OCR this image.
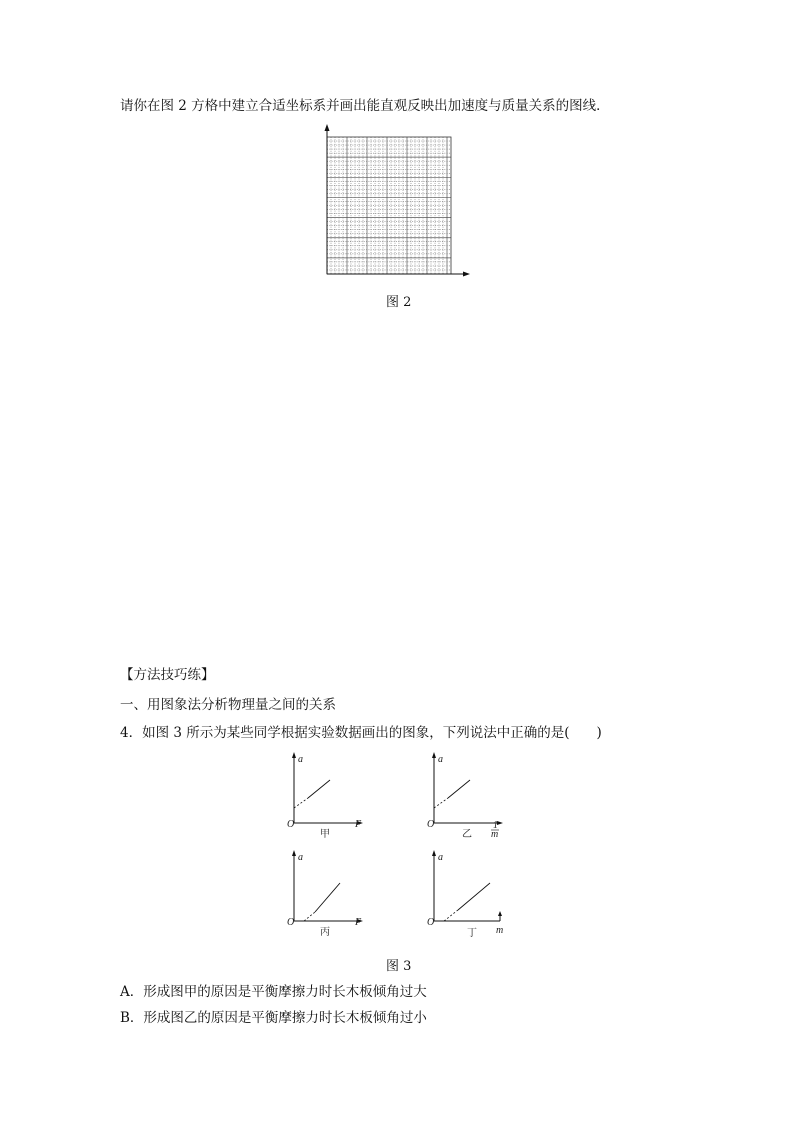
请你在图 2 方格中建立合适坐标系并画出能直观反映出加速度与质量关系的图线．
图 2
【方法技巧练】
一、用图象法分析物理量之间的关系
4．如图 3 所示为某些同学根据实验数据画出的图象，下列说法中正确的是(　　)
a
O	F
甲
a
O	1
m
乙
a
O	F
丙
a
O
m
丁
图 3
A．形成图甲的原因是平衡摩擦力时长木板倾角过大
B．形成图乙的原因是平衡摩擦力时长木板倾角过小
